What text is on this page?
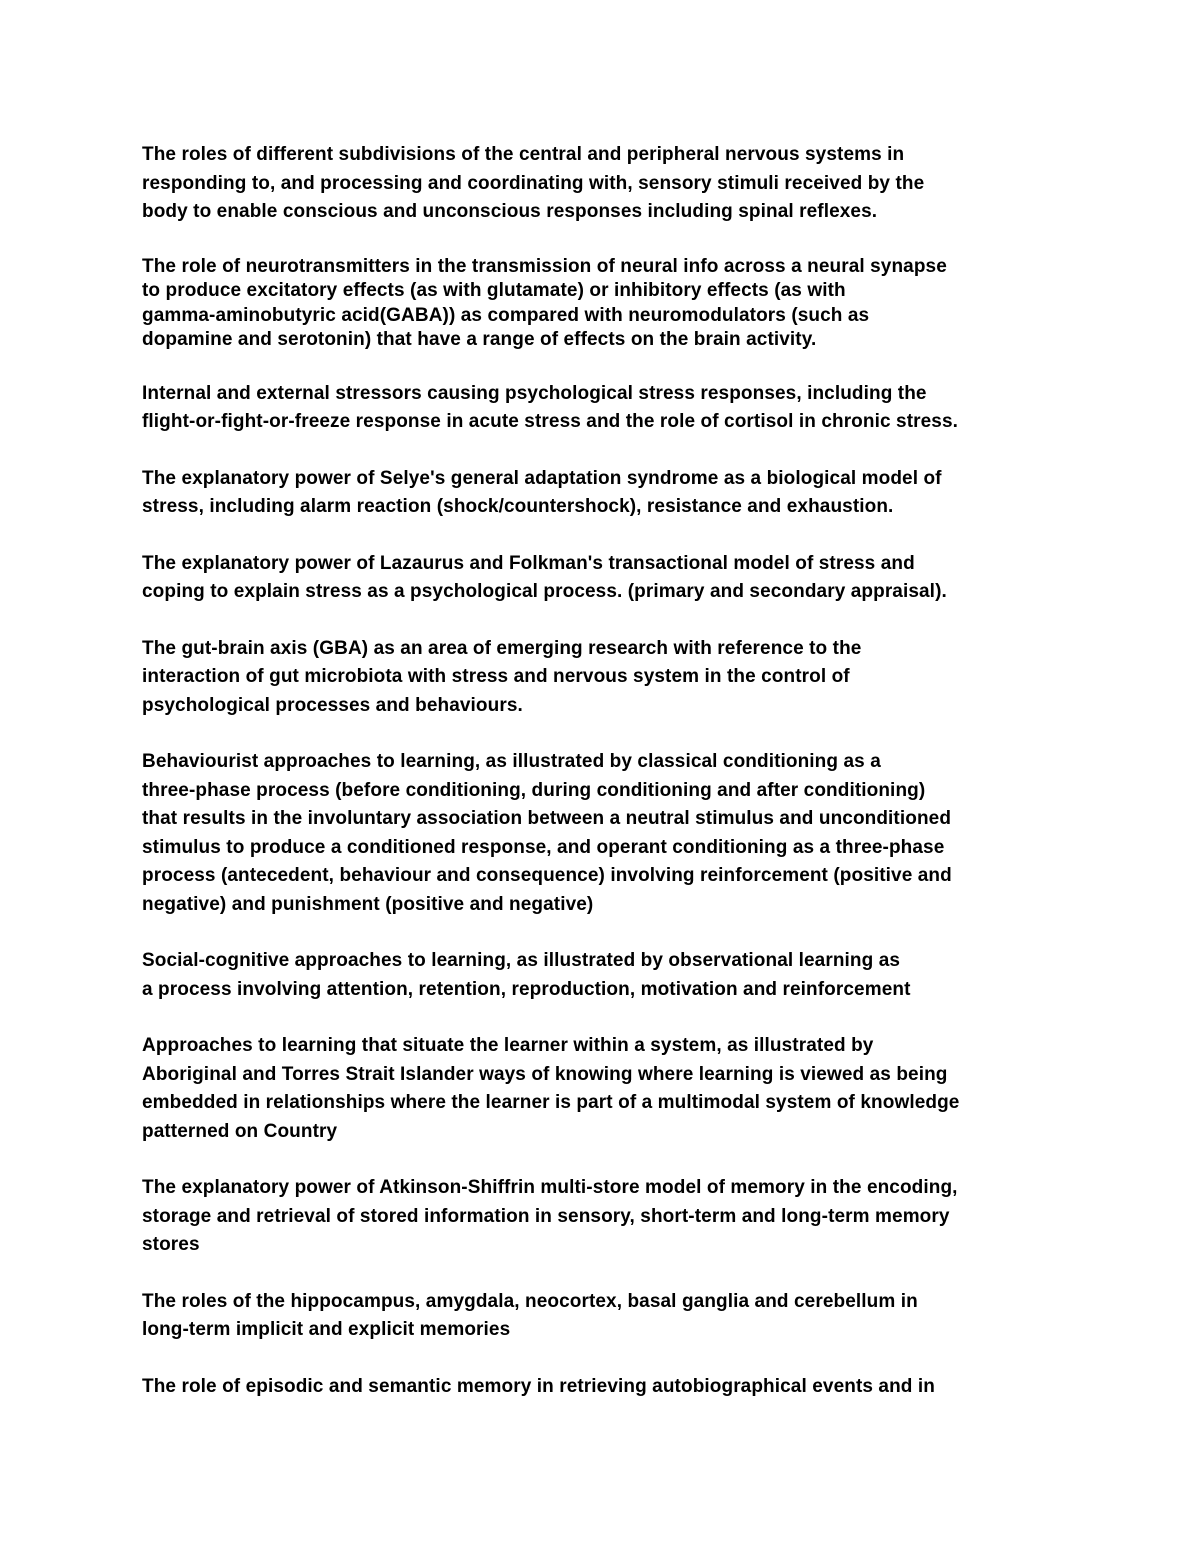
The roles of different subdivisions of the central and peripheral nervous systems in
responding to, and processing and coordinating with, sensory stimuli received by the
body to enable conscious and unconscious responses including spinal reflexes.

The role of neurotransmitters in the transmission of neural info across a neural synapse
to produce excitatory effects (as with glutamate) or inhibitory effects (as with
gamma-aminobutyric acid(GABA)) as compared with neuromodulators (such as
dopamine and serotonin) that have a range of effects on the brain activity.

Internal and external stressors causing psychological stress responses, including the
flight-or-fight-or-freeze response in acute stress and the role of cortisol in chronic stress.

The explanatory power of Selye's general adaptation syndrome as a biological model of
stress, including alarm reaction (shock/countershock), resistance and exhaustion.

The explanatory power of Lazaurus and Folkman's transactional model of stress and
coping to explain stress as a psychological process. (primary and secondary appraisal).

The gut-brain axis (GBA) as an area of emerging research with reference to the
interaction of gut microbiota with stress and nervous system in the control of
psychological processes and behaviours.

Behaviourist approaches to learning, as illustrated by classical conditioning as a
three-phase process (before conditioning, during conditioning and after conditioning)
that results in the involuntary association between a neutral stimulus and unconditioned
stimulus to produce a conditioned response, and operant conditioning as a three-phase
process (antecedent, behaviour and consequence) involving reinforcement (positive and
negative) and punishment (positive and negative)

Social-cognitive approaches to learning, as illustrated by observational learning as
a process involving attention, retention, reproduction, motivation and reinforcement

Approaches to learning that situate the learner within a system, as illustrated by
Aboriginal and Torres Strait Islander ways of knowing where learning is viewed as being
embedded in relationships where the learner is part of a multimodal system of knowledge
patterned on Country

The explanatory power of Atkinson-Shiffrin multi-store model of memory in the encoding,
storage and retrieval of stored information in sensory, short-term and long-term memory
stores

The roles of the hippocampus, amygdala, neocortex, basal ganglia and cerebellum in
long-term implicit and explicit memories

The role of episodic and semantic memory in retrieving autobiographical events and in
